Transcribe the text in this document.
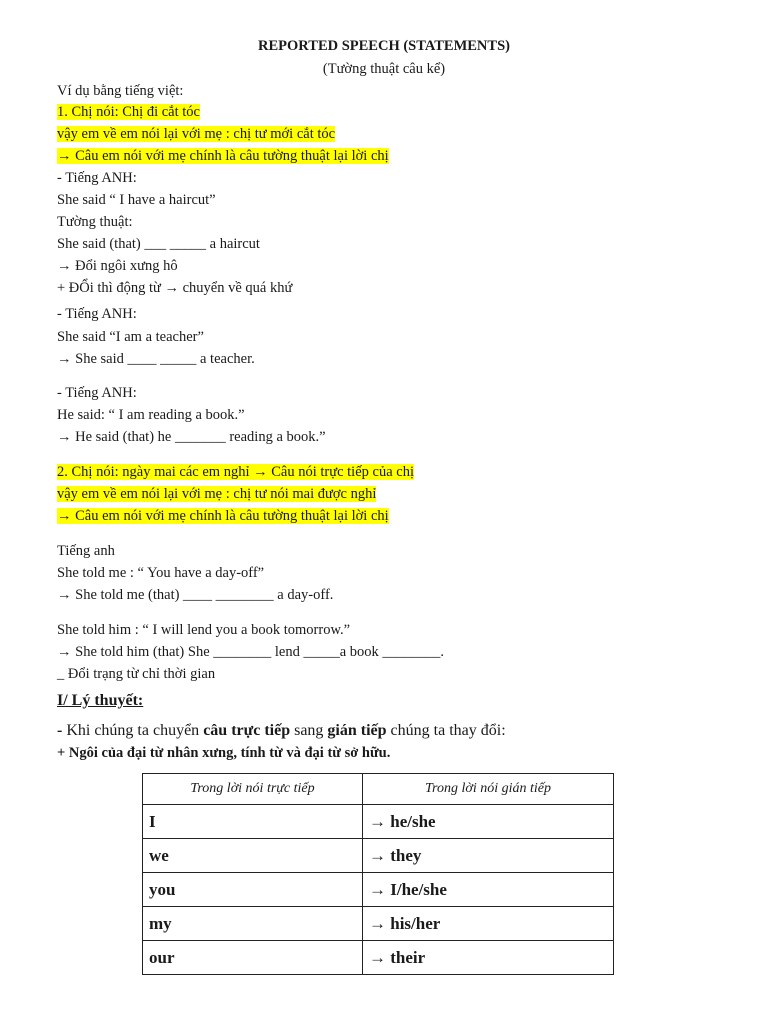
REPORTED SPEECH (STATEMENTS)
(Tường thuật câu kể)
Ví dụ bằng tiếng việt:
1. Chị nói: Chị đi cắt tóc
vậy em về em nói lại với mẹ : chị tư mới cắt tóc
→ Câu em nói với mẹ chính là câu tường thuật lại lời chị
- Tiếng ANH:
She said “ I have a haircut”
Tường thuật:
She said (that) ___ _____ a haircut
→ Đổi ngôi xưng hô
+ ĐỔi thì động từ → chuyển về quá khứ
- Tiếng ANH:
She said “I am a teacher”
→ She said ____ _____ a teacher.
- Tiếng ANH:
He said: “ I am reading a book.”
→ He said (that) he _______ reading a book.”
2. Chị nói: ngày mai các em nghỉ → Câu nói trực tiếp của chị
vậy em về em nói lại với mẹ : chị tư nói mai được nghỉ
→ Câu em nói với mẹ chính là câu tường thuật lại lời chị
Tiếng anh
She told me : “ You have a day-off”
→ She told me (that) ____ ________ a day-off.
She told him : “ I will lend you a book tomorrow.”
→ She told him (that) She ________ lend _____a book ________.
_ Đổi trạng từ chỉ thời gian
I/ Lý thuyết:
- Khi chúng ta chuyển câu trực tiếp sang gián tiếp chúng ta thay đổi:
+ Ngôi của đại từ nhân xưng, tính từ và đại từ sở hữu.
Trong lời nói trực tiếp	Trong lời nói gián tiếp
I	→ he/she
we	→ they
you	→ I/he/she
my	→ his/her
our	→ their
